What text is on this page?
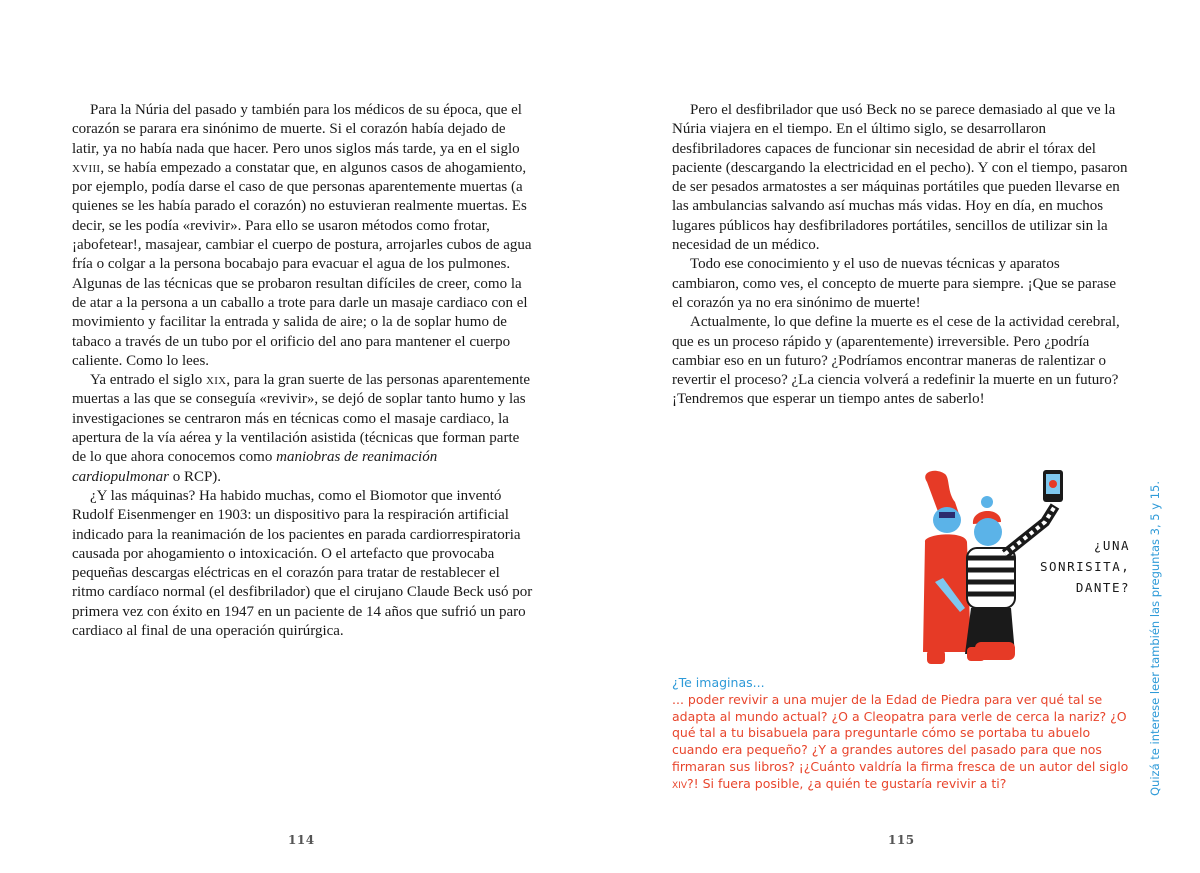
Para la Núria del pasado y también para los médicos de su época, que el corazón se parara era sinónimo de muerte. Si el corazón había dejado de latir, ya no había nada que hacer. Pero unos siglos más tarde, ya en el siglo xviii, se había empezado a constatar que, en algunos casos de ahogamiento, por ejemplo, podía darse el caso de que personas aparentemente muertas (a quienes se les había parado el corazón) no estuvieran realmente muertas. Es decir, se les podía «revivir». Para ello se usaron métodos como frotar, ¡abofetear!, masajear, cambiar el cuerpo de postura, arrojarles cubos de agua fría o colgar a la persona bocabajo para evacuar el agua de los pulmones. Algunas de las técnicas que se probaron resultan difíciles de creer, como la de atar a la persona a un caballo a trote para darle un masaje cardiaco con el movimiento y facilitar la entrada y salida de aire; o la de soplar humo de tabaco a través de un tubo por el orificio del ano para mantener el cuerpo caliente. Como lo lees.

Ya entrado el siglo xix, para la gran suerte de las personas aparentemente muertas a las que se conseguía «revivir», se dejó de soplar tanto humo y las investigaciones se centraron más en técnicas como el masaje cardiaco, la apertura de la vía aérea y la ventilación asistida (técnicas que forman parte de lo que ahora conocemos como maniobras de reanimación cardiopulmonar o RCP).

¿Y las máquinas? Ha habido muchas, como el Biomotor que inventó Rudolf Eisenmenger en 1903: un dispositivo para la respiración artificial indicado para la reanimación de los pacientes en parada cardiorrespiratoria causada por ahogamiento o intoxicación. O el artefacto que provocaba pequeñas descargas eléctricas en el corazón para tratar de restablecer el ritmo cardíaco normal (el desfibrilador) que el cirujano Claude Beck usó por primera vez con éxito en 1947 en un paciente de 14 años que sufrió un paro cardiaco al final de una operación quirúrgica.

114

Pero el desfibrilador que usó Beck no se parece demasiado al que ve la Núria viajera en el tiempo. En el último siglo, se desarrollaron desfibriladores capaces de funcionar sin necesidad de abrir el tórax del paciente (descargando la electricidad en el pecho). Y con el tiempo, pasaron de ser pesados armatostes a ser máquinas portátiles que pueden llevarse en las ambulancias salvando así muchas más vidas. Hoy en día, en muchos lugares públicos hay desfibriladores portátiles, sencillos de utilizar sin la necesidad de un médico.

Todo ese conocimiento y el uso de nuevas técnicas y aparatos cambiaron, como ves, el concepto de muerte para siempre. ¡Que se parase el corazón ya no era sinónimo de muerte!

Actualmente, lo que define la muerte es el cese de la actividad cerebral, que es un proceso rápido y (aparentemente) irreversible. Pero ¿podría cambiar eso en un futuro? ¿Podríamos encontrar maneras de ralentizar o revertir el proceso? ¿La ciencia volverá a redefinir la muerte en un futuro? ¡Tendremos que esperar un tiempo antes de saberlo!

¿UNA
SONRISITA,
DANTE?
¿Te imaginas...
... poder revivir a una mujer de la Edad de Piedra para ver qué tal se adapta al mundo actual? ¿O a Cleopatra para verle de cerca la nariz? ¿O qué tal a tu bisabuela para preguntarle cómo se portaba tu abuelo cuando era pequeño? ¿Y a grandes autores del pasado para que nos firmaran sus libros? ¡¿Cuánto valdría la firma fresca de un autor del siglo xiv?! Si fuera posible, ¿a quién te gustaría revivir a ti?	Quizá te interese leer también las preguntas 3, 5 y 15.
115
